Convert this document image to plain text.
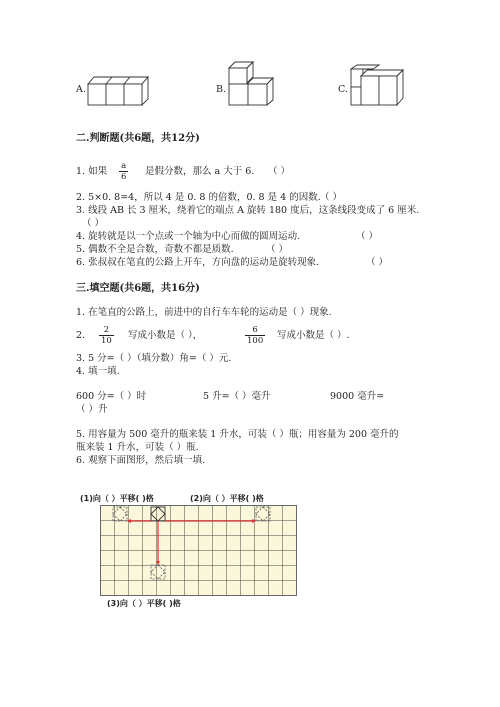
A.	B.	C.
二.判断题(共6题，共12分)
1. 如果 $\frac{a}{6}$ 是假分数，那么 a 大于 6. （ ）
2. 5×0. 8=4，所以 4 是 0. 8 的倍数，0. 8 是 4 的因数. （ ）
3. 线段 AB 长 3 厘米，绕着它的端点 A 旋转 180 度后，这条线段变成了 6 厘米.
（ ）
4. 旋转就是以一个点或一个轴为中心而做的圆周运动.	（ ）
5. 偶数不全是合数，奇数不都是质数.	（ ）
6. 张叔叔在笔直的公路上开车，方向盘的运动是旋转现象.	（ ）
三.填空题(共6题，共16分)
1. 在笔直的公路上，前进中的自行车车轮的运动是（ ）现象.
2. $\frac{2}{10}$ 写成小数是（ ），	$\frac{6}{100}$ 写成小数是（ ）.
3. 5 分=（ ）（填分数）角=（ ）元.
4. 填一填.
600 分=（ ）时	5 升=（ ）毫升	9000 毫升=
（ ）升
5. 用容量为 500 毫升的瓶来装 1 升水，可装（ ）瓶；用容量为 200 毫升的
瓶来装 1 升水，可装（ ）瓶.
6. 观察下面图形，然后填一填.
(1)向（ ）平移( )格	(2)向（ ）平移( )格
(3)向（ ）平移( )格
